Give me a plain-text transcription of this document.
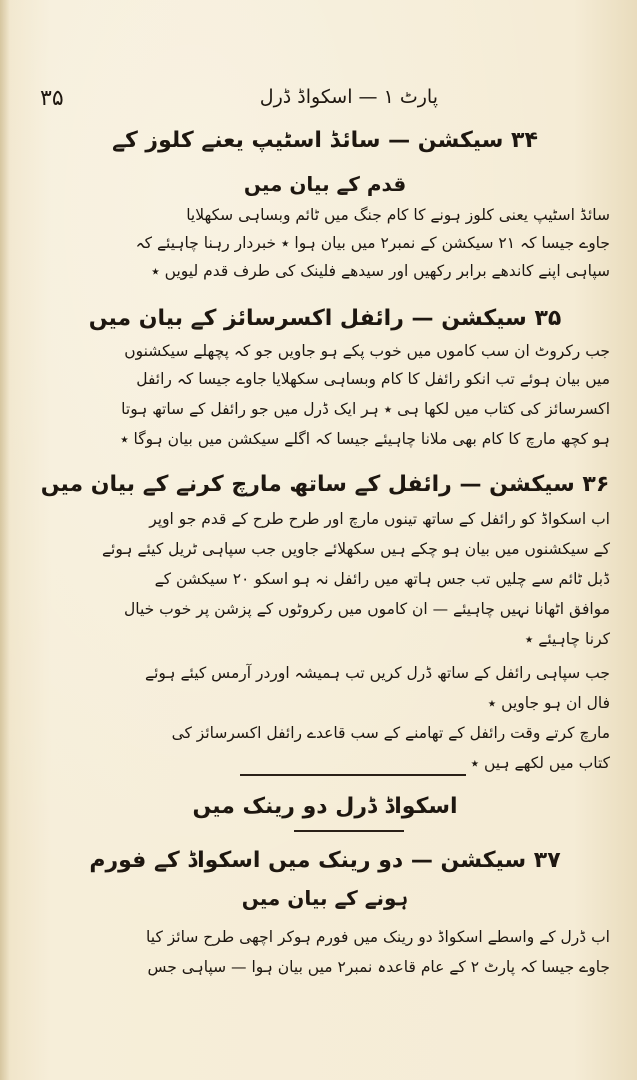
۳۵	پارٹ ۱ — اسکواڈ ڈرل
۳۴ سیکشن — سائڈ اسٹیپ یعنے کلوز کے
قدم کے بیان میں
سائڈ اسٹیپ یعنی کلوز ہونے کا کام جنگ میں ٹائم وبساہی سکھلایا
جاوے جیسا کہ ۲۱ سیکشن کے نمبر۲ میں بیان ہوا ٭ خبردار رہنا چاہیئے کہ
سپاہی اپنے کاندھے برابر رکھیں اور سیدھے فلینک کی طرف قدم لیویں ٭
۳۵ سیکشن — رائفل اکسرسائز کے بیان میں
جب رکروٹ ان سب کاموں میں خوب پکے ہو جاویں جو کہ پچھلے سیکشنوں
میں بیان ہوئے تب انکو رائفل کا کام وبساہی سکھلایا جاوے جیسا کہ رائفل
اکسرسائز کی کتاب میں لکھا ہی ٭ ہر ایک ڈرل میں جو رائفل کے ساتھ ہوتا
ہو کچھ مارچ کا کام بھی ملانا چاہیئے جیسا کہ اگلے سیکشن میں بیان ہوگا ٭
۳۶ سیکشن — رائفل کے ساتھ مارچ کرنے کے بیان میں
اب اسکواڈ کو رائفل کے ساتھ تینوں مارچ اور طرح طرح کے قدم جو اوپر
کے سیکشنوں میں بیان ہو چکے ہیں سکھلائے جاویں جب سپاہی ٹریل کیئے ہوئے
ڈبل ٹائم سے چلیں تب جس ہاتھ میں رائفل نہ ہو اسکو ۲۰ سیکشن کے
موافق اٹھانا نہیں چاہیئے — ان کاموں میں رکروٹوں کے پزشن پر خوب خیال
کرنا چاہیئے ٭
جب سپاہی رائفل کے ساتھ ڈرل کریں تب ہمیشہ اوردر آرمس کیئے ہوئے
فال ان ہو جاویں ٭
مارچ کرتے وقت رائفل کے تھامنے کے سب قاعدے رائفل اکسرسائز کی
کتاب میں لکھے ہیں ٭
اسکواڈ ڈرل دو رینک میں
۳۷ سیکشن — دو رینک میں اسکواڈ کے فورم
ہونے کے بیان میں
اب ڈرل کے واسطے اسکواڈ دو رینک میں فورم ہوکر اچھی طرح سائز کیا
جاوے جیسا کہ پارٹ ۲ کے عام قاعدہ نمبر۲ میں بیان ہوا — سپاہی جس
